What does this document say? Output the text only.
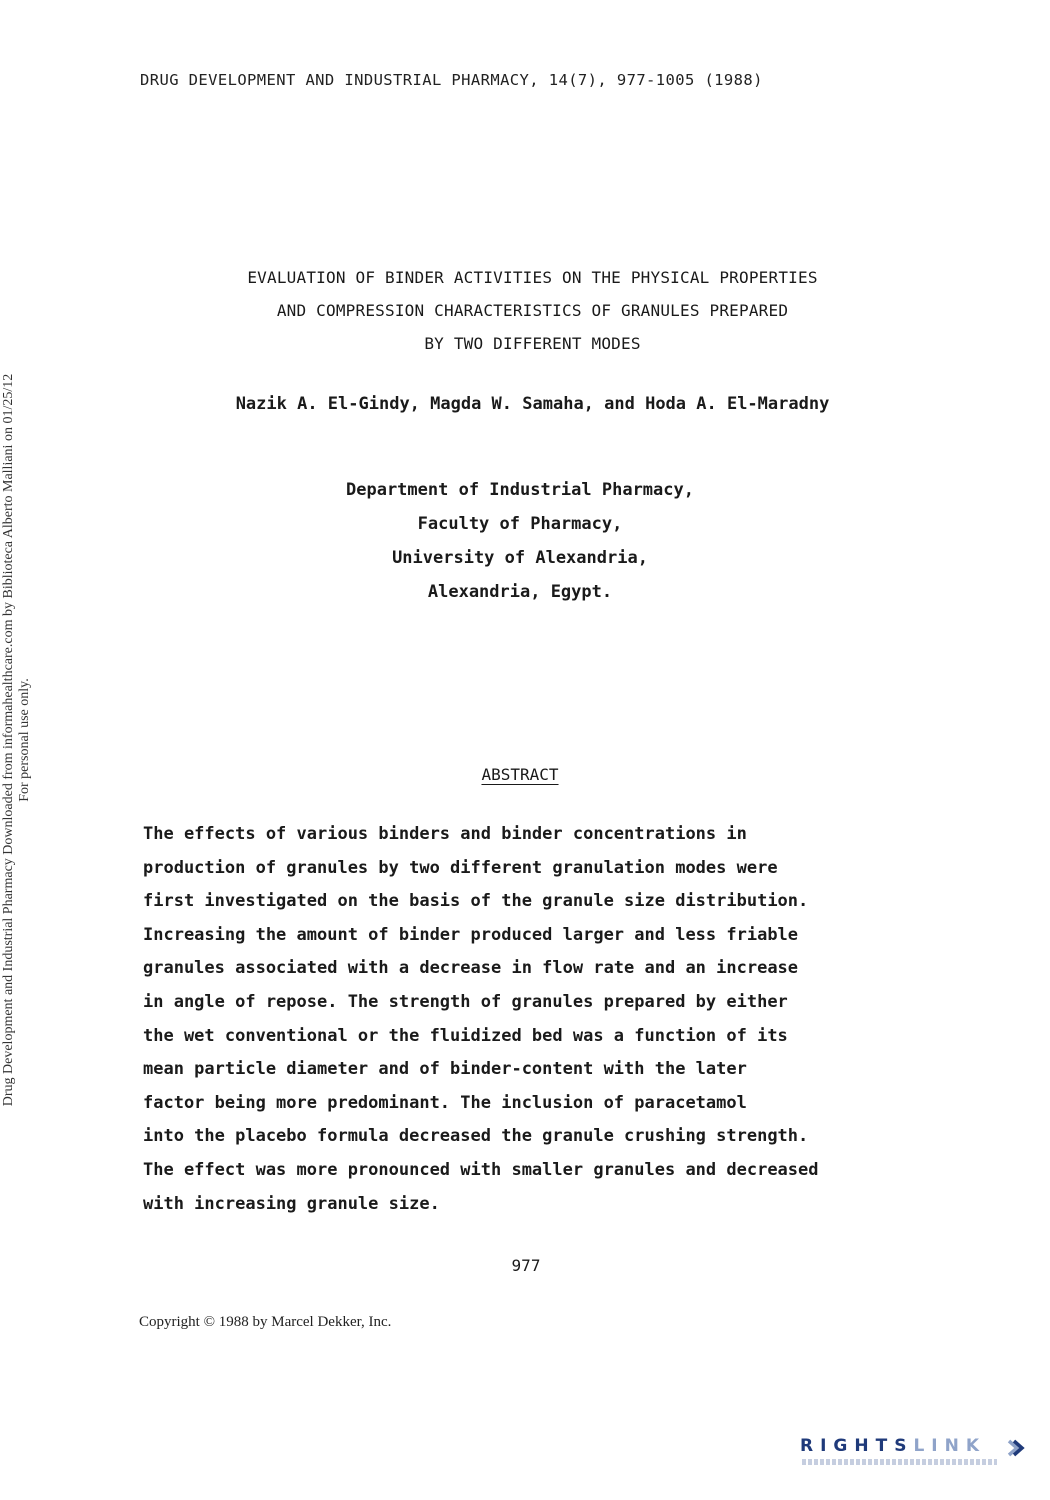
DRUG DEVELOPMENT AND INDUSTRIAL PHARMACY, 14(7), 977-1005 (1988)
Drug Development and Industrial Pharmacy Downloaded from informahealthcare.com by Biblioteca Alberto Malliani on 01/25/12 For personal use only.
EVALUATION OF BINDER ACTIVITIES ON THE PHYSICAL PROPERTIES
AND COMPRESSION CHARACTERISTICS OF GRANULES PREPARED
BY TWO DIFFERENT MODES
Nazik A. El-Gindy, Magda W. Samaha, and Hoda A. El-Maradny
Department of Industrial Pharmacy,
Faculty of Pharmacy,
University of Alexandria,
Alexandria, Egypt.
ABSTRACT
The effects of various binders and binder concentrations in
production of granules by two different granulation modes were
first investigated on the basis of the granule size distribution.
Increasing the amount of binder produced larger and less friable
granules associated with a decrease in flow rate and an increase
in angle of repose. The strength of granules prepared by either
the wet conventional or the fluidized bed was a function of its
mean particle diameter and of binder-content with the later
factor being more predominant. The inclusion of paracetamol
into the placebo formula decreased the granule crushing strength.
The effect was more pronounced with smaller granules and decreased
with increasing granule size.
977
Copyright © 1988 by Marcel Dekker, Inc.
RIGHTSLINK
